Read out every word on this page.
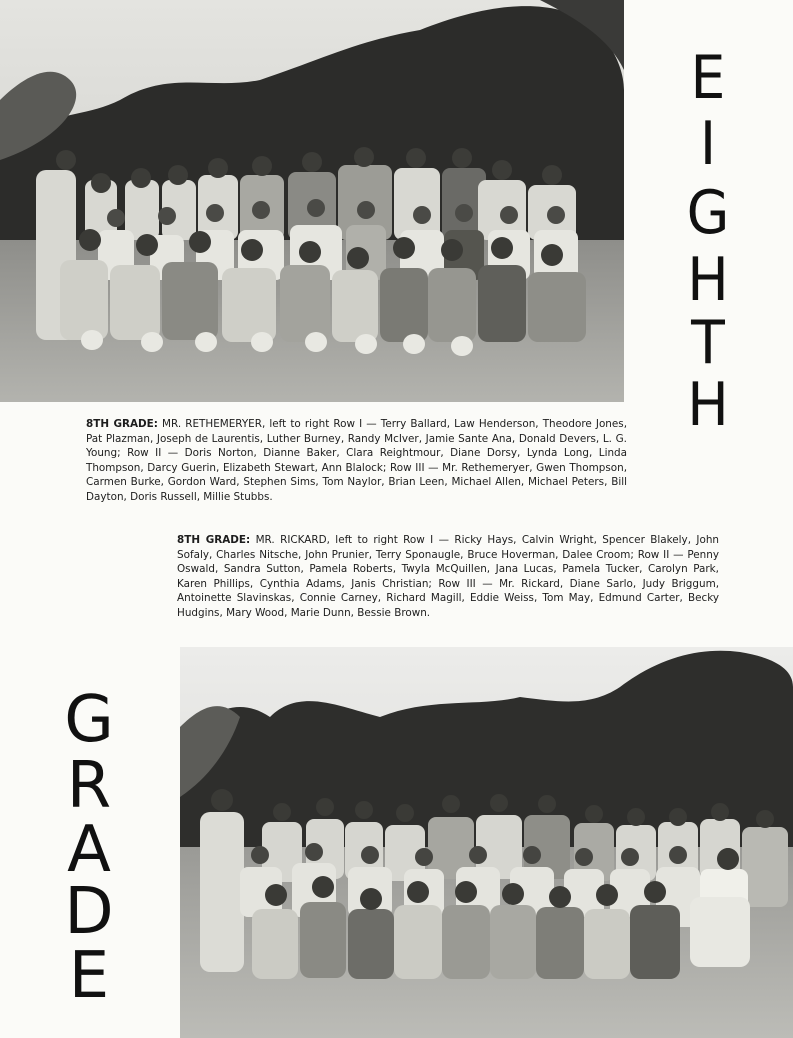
E
I
G
H
T
H

8TH GRADE: MR. RETHEMERYER, left to right Row I — Terry Ballard, Law Henderson, Theodore Jones, Pat Plazman, Joseph de Laurentis, Luther Burney, Randy McIver, Jamie Sante Ana, Donald Devers, L. G. Young; Row II — Doris Norton, Dianne Baker, Clara Reightmour, Diane Dorsy, Lynda Long, Linda Thompson, Darcy Guerin, Elizabeth Stewart, Ann Blalock; Row III — Mr. Rethemeryer, Gwen Thompson, Carmen Burke, Gordon Ward, Stephen Sims, Tom Naylor, Brian Leen, Michael Allen, Michael Peters, Bill Dayton, Doris Russell, Millie Stubbs.

8TH GRADE: MR. RICKARD, left to right Row I — Ricky Hays, Calvin Wright, Spencer Blakely, John Sofaly, Charles Nitsche, John Prunier, Terry Sponaugle, Bruce Hoverman, Dalee Croom; Row II — Penny Oswald, Sandra Sutton, Pamela Roberts, Twyla McQuillen, Jana Lucas, Pamela Tucker, Carolyn Park, Karen Phillips, Cynthia Adams, Janis Christian; Row III — Mr. Rickard, Diane Sarlo, Judy Briggum, Antoinette Slavinskas, Connie Carney, Richard Magill, Eddie Weiss, Tom May, Edmund Carter, Becky Hudgins, Mary Wood, Marie Dunn, Bessie Brown.

G
R
A
D
E
